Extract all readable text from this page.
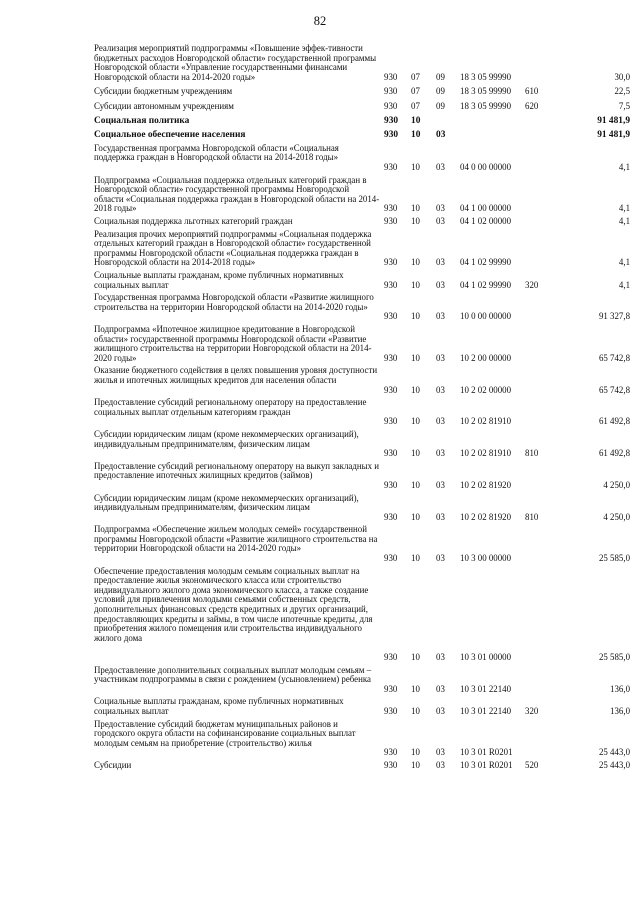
82
Реализация мероприятий подпрограммы «Повышение эффек-тивности бюджетных расходов Новгородской области» государственной программы Новгородской области «Управление государственными финансами Новгородской области на 2014-2020 годы»	930 07 09 18 3 05 99990	30,0
Субсидии бюджетным учреждениям	930 07 09 18 3 05 99990 610	22,5
Субсидии автономным учреждениям	930 07 09 18 3 05 99990 620	7,5
Социальная политика	930 10	91 481,9
Социальное обеспечение населения	930 10 03	91 481,9
Государственная программа Новгородской области «Социальная поддержка граждан в Новгородской области на 2014-2018 годы»
930 10 03 04 0 00 00000	4,1
Подпрограмма «Социальная поддержка отдельных категорий граждан в Новгородской области» государственной программы Новгородской области «Социальная поддержка граждан в Новгородской области на 2014-2018 годы»	930 10 03 04 1 00 00000	4,1
Социальная поддержка льготных категорий граждан	930 10 03 04 1 02 00000	4,1
Реализация прочих мероприятий подпрограммы «Социальная поддержка отдельных категорий граждан в Новгородской области» государственной программы Новгородской области «Социальная поддержка граждан в Новгородской области на 2014-2018 годы»	930 10 03 04 1 02 99990	4,1
Социальные выплаты гражданам, кроме публичных нормативных социальных выплат	930 10 03 04 1 02 99990 320	4,1
Государственная программа Новгородской области «Развитие жилищного строительства на территории Новгородской области на 2014-2020 годы»
930 10 03 10 0 00 00000	91 327,8
Подпрограмма «Ипотечное жилищное кредитование в Новгородской области» государственной программы Новгородской области «Развитие жилищного строительства на территории Новгородской области на 2014-2020 годы»	930 10 03 10 2 00 00000	65 742,8
Оказание бюджетного содействия в целях повышения уровня доступности жилья и ипотечных жилищных кредитов для населения области
930 10 03 10 2 02 00000	65 742,8
Предоставление субсидий региональному оператору на предоставление социальных выплат отдельным категориям граждан
930 10 03 10 2 02 81910	61 492,8
Субсидии юридическим лицам (кроме некоммерческих организаций), индивидуальным предпринимателям, физическим лицам
930 10 03 10 2 02 81910 810	61 492,8
Предоставление субсидий региональному оператору на выкуп закладных и предоставление ипотечных жилищных кредитов (займов)
930 10 03 10 2 02 81920	4 250,0
Субсидии юридическим лицам (кроме некоммерческих организаций), индивидуальным предпринимателям, физическим лицам
930 10 03 10 2 02 81920 810	4 250,0
Подпрограмма «Обеспечение жильем молодых семей» государственной программы Новгородской области «Развитие жилищного строительства на территории Новгородской области на 2014-2020 годы»
930 10 03 10 3 00 00000	25 585,0
Обеспечение предоставления молодым семьям социальных выплат на предоставление жилья экономического класса или строительство индивидуального жилого дома экономического класса, а также создание условий для привлечения молодыми семьями собственных средств, дополнительных финансовых средств кредитных и других организаций, предоставляющих кредиты и займы, в том числе ипотечные кредиты, для приобретения жилого помещения или строительства индивидуального жилого дома
930 10 03 10 3 01 00000	25 585,0
Предоставление дополнительных социальных выплат молодым семьям – участникам подпрограммы в связи с рождением (усыновлением) ребенка
930 10 03 10 3 01 22140	136,0
Социальные выплаты гражданам, кроме публичных нормативных социальных выплат	930 10 03 10 3 01 22140 320	136,0
Предоставление субсидий бюджетам муниципальных районов и городского округа области на софинансирование социальных выплат молодым семьям на приобретение (строительство) жилья
930 10 03 10 3 01 R0201	25 443,0
Субсидии	930 10 03 10 3 01 R0201 520	25 443,0
